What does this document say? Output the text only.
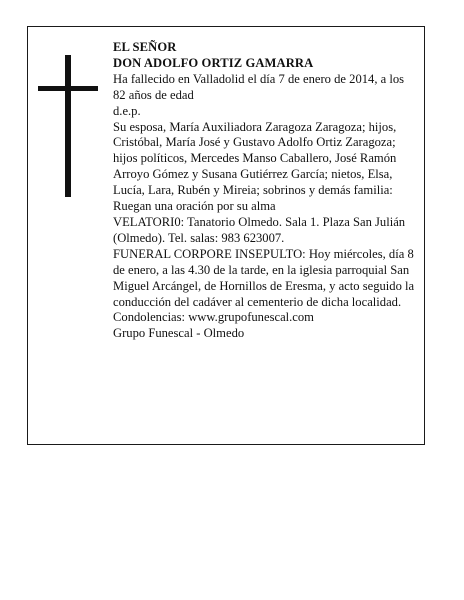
EL SEÑOR

DON ADOLFO ORTIZ GAMARRA

Ha fallecido en Valladolid el día 7 de enero de 2014, a los 82 años de edad

d.e.p.

Su esposa, María Auxiliadora Zaragoza Zaragoza; hijos, Cristóbal, María José y Gustavo Adolfo Ortiz Zaragoza; hijos políticos, Mercedes Manso Caballero, José Ramón Arroyo Gómez y Susana Gutiérrez García; nietos, Elsa, Lucía, Lara, Rubén y Mireia; sobrinos y demás familia:

Ruegan una oración por su alma

VELATORI0: Tanatorio Olmedo. Sala 1. Plaza San Julián (Olmedo). Tel. salas: 983 623007.

FUNERAL CORPORE INSEPULTO: Hoy miércoles, día 8 de enero, a las 4.30 de la tarde, en la iglesia parroquial San Miguel Arcángel, de Hornillos de Eresma, y acto seguido la conducción del cadáver al cementerio de dicha localidad. Condolencias: www.grupofunescal.com

Grupo Funescal - Olmedo
